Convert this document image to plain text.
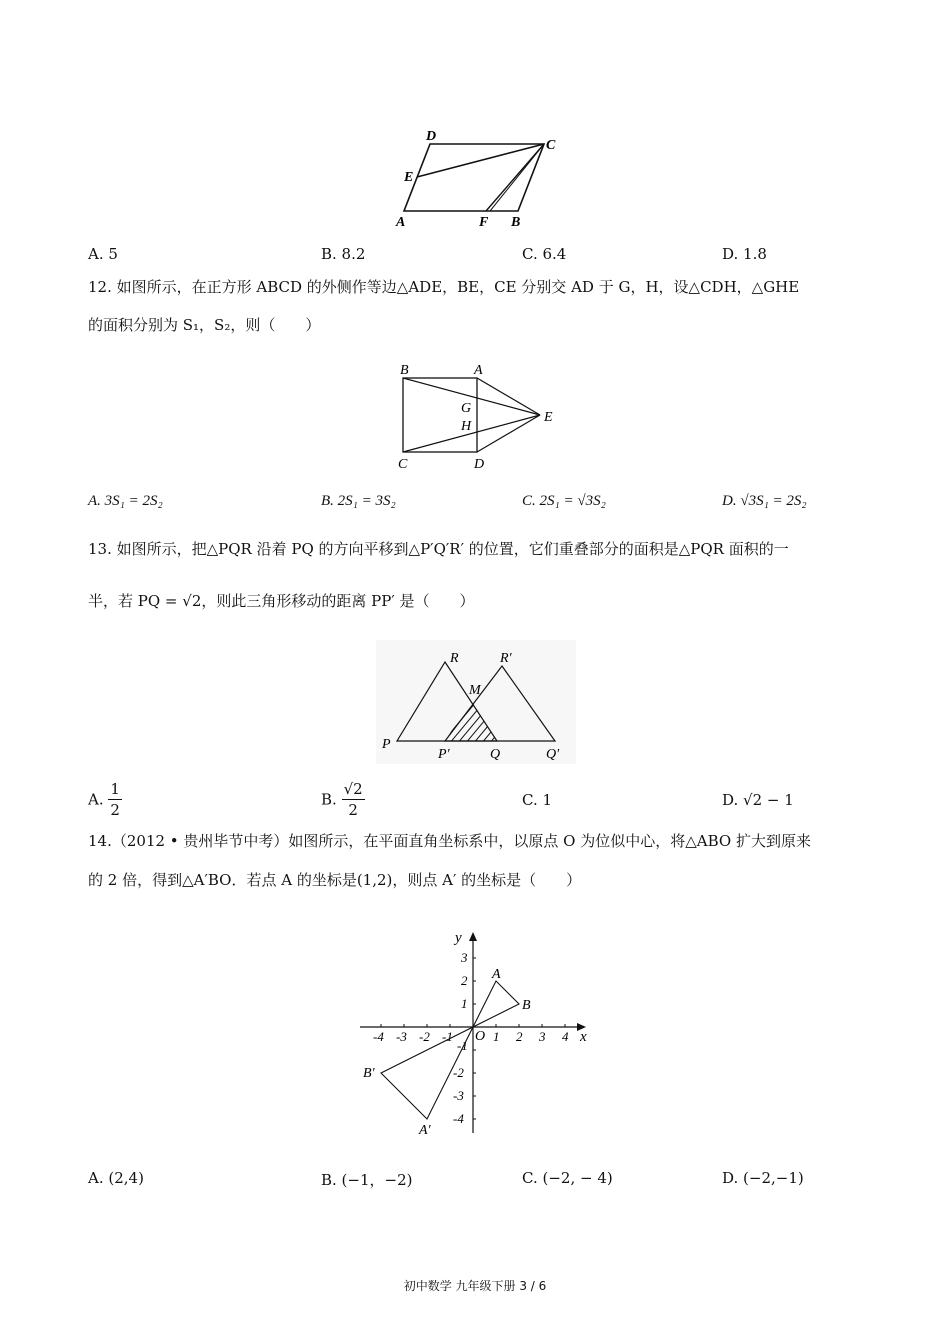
D
C
E
A	F B
A. 5	B. 8.2	C. 6.4	D. 1.8
12. 如图所示，在正方形 ABCD 的外侧作等边△ADE，BE，CE 分别交 AD 于 G，H，设△CDH，△GHE
的面积分别为 S₁，S₂，则（　　）
B	A
G
H
E
C	D
A. 3S₁ = 2S₂	B. 2S₁ = 3S₂	C. 2S₁ = √3S₂	D. √3S₁ = 2S₂
13. 如图所示，把△PQR 沿着 PQ 的方向平移到△P′Q′R′ 的位置，它们重叠部分的面积是△PQR 面积的一
半，若 PQ = √2，则此三角形移动的距离 PP′ 是（　　）
R	R′
M
P
P′	Q	Q′
A. $\frac{1}{2}$	B. $\frac{√2}{2}$	C. 1	D. √2 − 1
14.（2012 • 贵州毕节中考）如图所示，在平面直角坐标系中，以原点 O 为位似中心，将△ABO 扩大到原来
的 2 倍，得到△A′BO．若点 A 的坐标是(1,2)，则点 A′ 的坐标是（　　）
-4 -3 -2 -1	1 2 3 4
3
2
1
-1
-2
-3
-4
y
x
O
A
B
A′
B′
A. (2,4)	B. (−1，−2)	C. (−2, − 4)	D. (−2,−1)
初中数学 九年级下册 3 / 6
